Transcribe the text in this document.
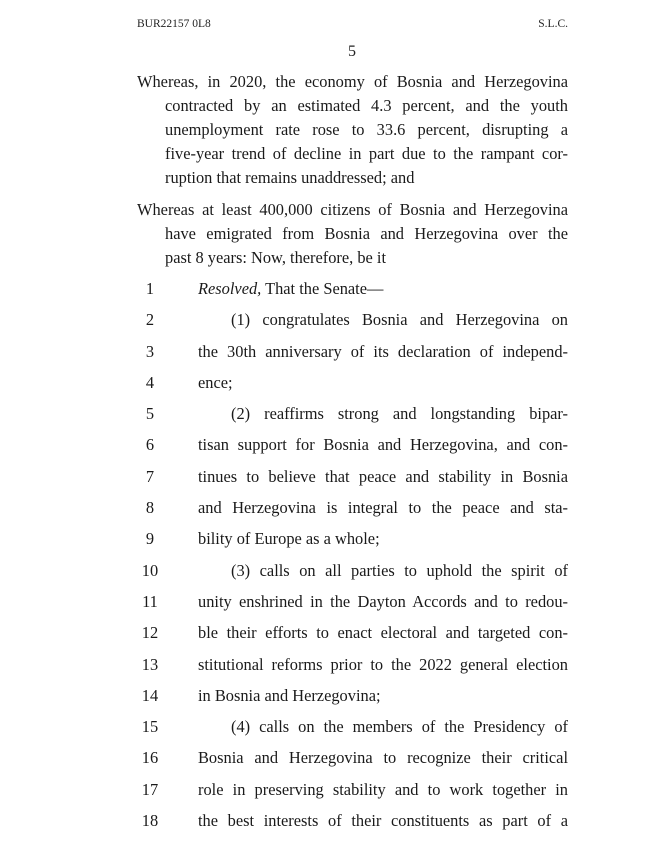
BUR22157 0L8	S.L.C.
5
Whereas, in 2020, the economy of Bosnia and Herzegovina
contracted by an estimated 4.3 percent, and the youth
unemployment rate rose to 33.6 percent, disrupting a
five-year trend of decline in part due to the rampant cor-
ruption that remains unaddressed; and
Whereas at least 400,000 citizens of Bosnia and Herzegovina
have emigrated from Bosnia and Herzegovina over the
past 8 years: Now, therefore, be it
1	Resolved, That the Senate—
2	(1) congratulates Bosnia and Herzegovina on
3	the 30th anniversary of its declaration of independ-
4	ence;
5	(2) reaffirms strong and longstanding bipar-
6	tisan support for Bosnia and Herzegovina, and con-
7	tinues to believe that peace and stability in Bosnia
8	and Herzegovina is integral to the peace and sta-
9	bility of Europe as a whole;
10	(3) calls on all parties to uphold the spirit of
11	unity enshrined in the Dayton Accords and to redou-
12 ble their efforts to enact electoral and targeted con-
13 stitutional reforms prior to the 2022 general election
14 in Bosnia and Herzegovina;
15	(4) calls on the members of the Presidency of
16 Bosnia and Herzegovina to recognize their critical
17 role in preserving stability and to work together in
18 the best interests of their constituents as part of a
